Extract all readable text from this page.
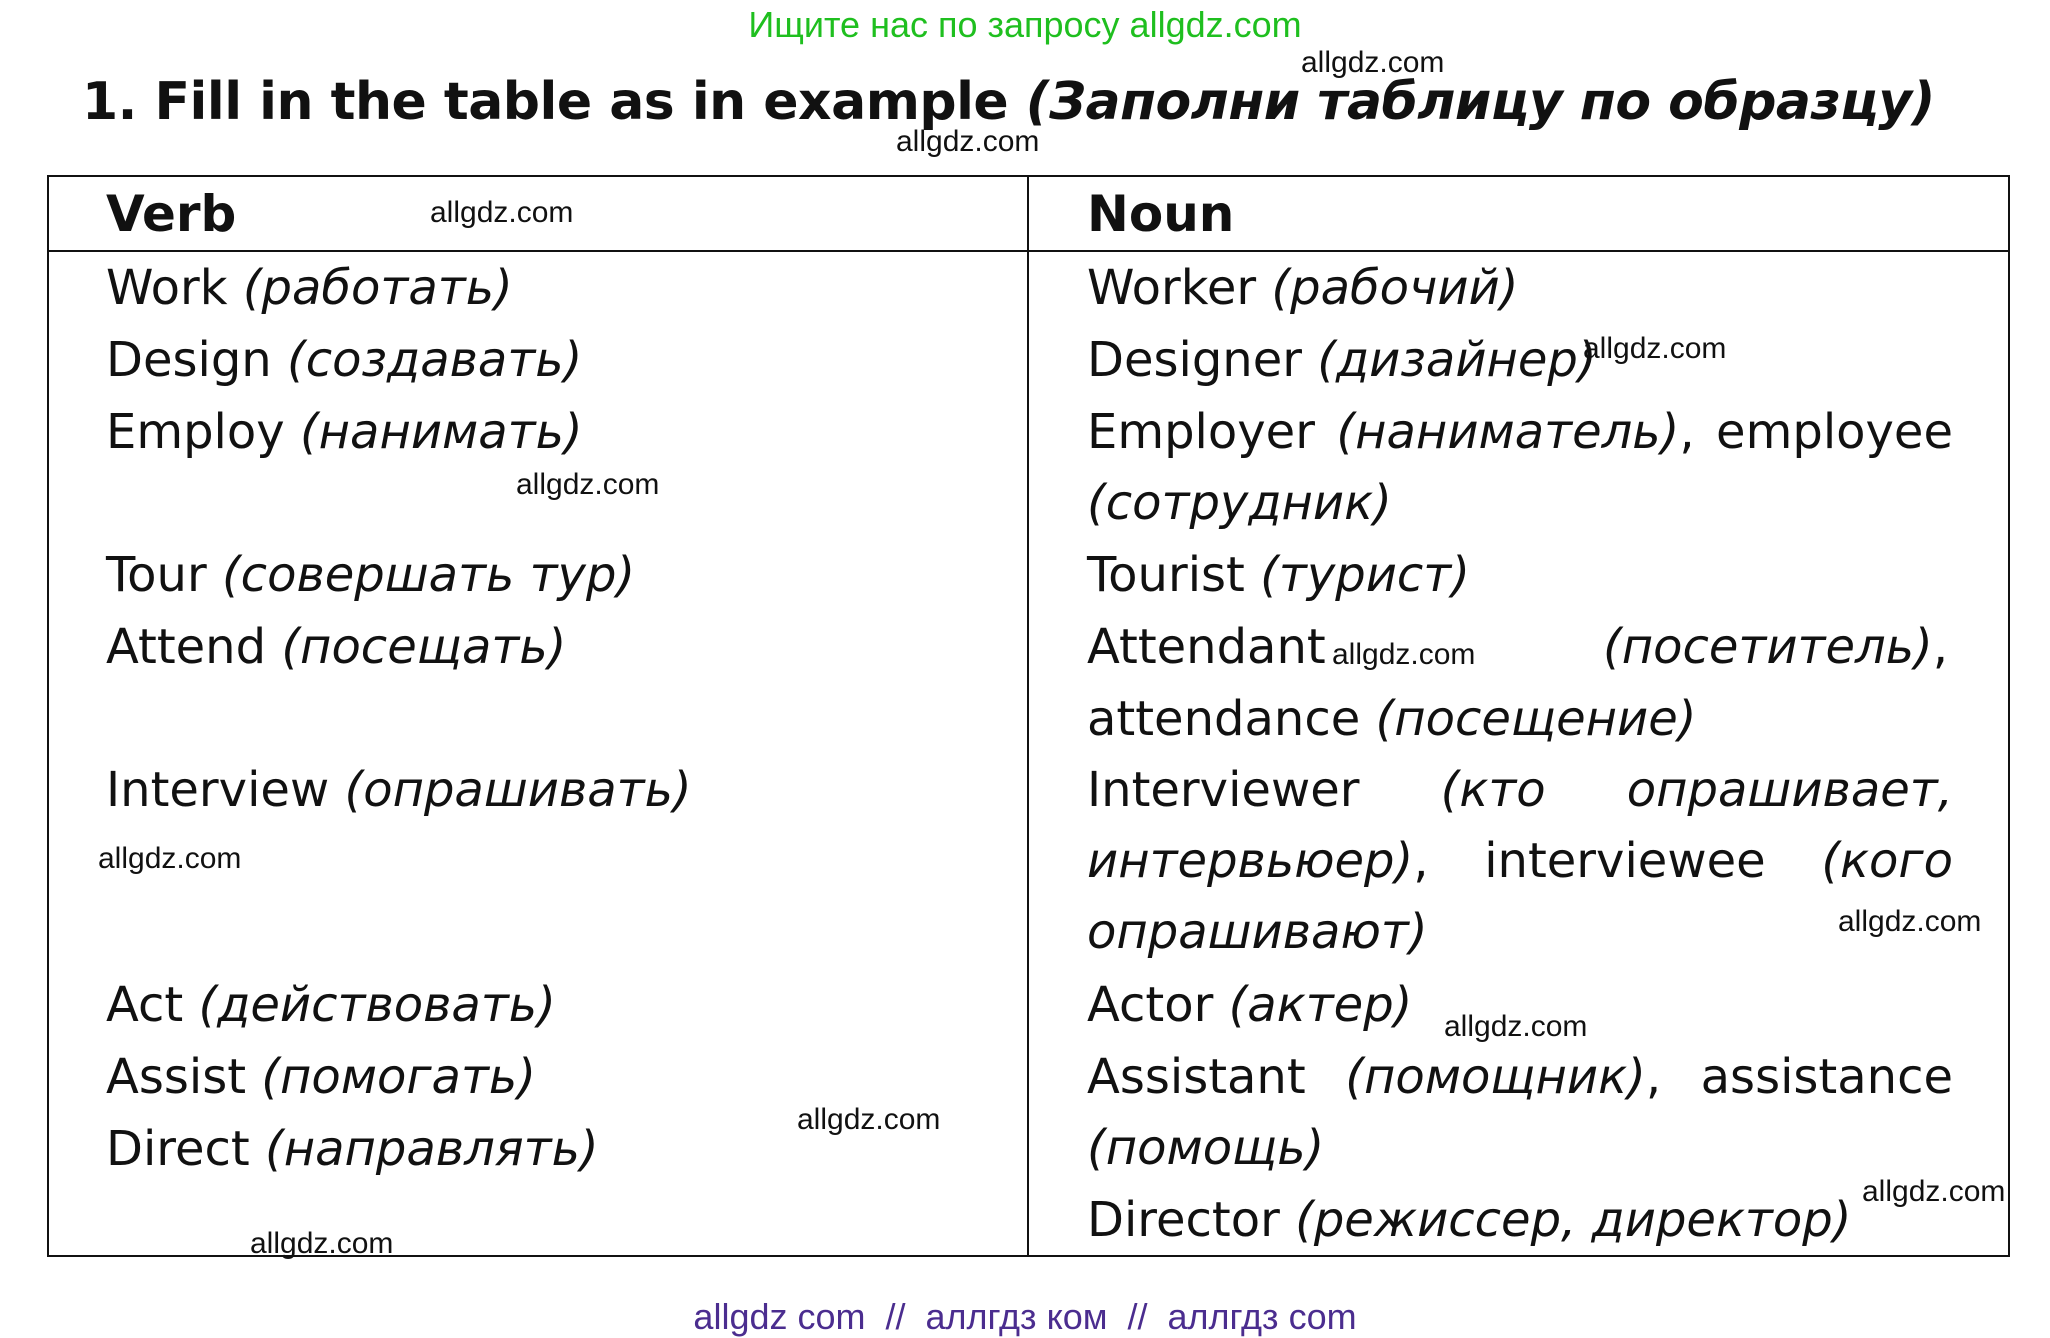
Ищите нас по запросу allgdz.com
allgdz.com
1. Fill in the table as in example (Заполни таблицу по образцу)
allgdz.com
Verb	Noun
allgdz.com
Work (работать)
Design (создавать)
Employ (нанимать)
Tour (совершать тур)
Attend (посещать)
Interview (опрашивать)
Act (действовать)
Assist (помогать)
Direct (направлять)
Worker (рабочий)
Designer (дизайнер)
Employer (наниматель), employee (сотрудник)
Tourist (турист)
Attendant	(посетитель),
attendance (посещение)
Interviewer (кто опрашивает, интервьюер), interviewee (кого опрашивают)
Actor (актер)
Assistant (помощник), assistance (помощь)
Director (режиссер, директор)
allgdz.com
allgdz.com
allgdz.com
allgdz.com
allgdz.com
allgdz.com
allgdz.com
allgdz.com
allgdz.com
allgdz com  //  аллгдз ком  //  аллгдз com
